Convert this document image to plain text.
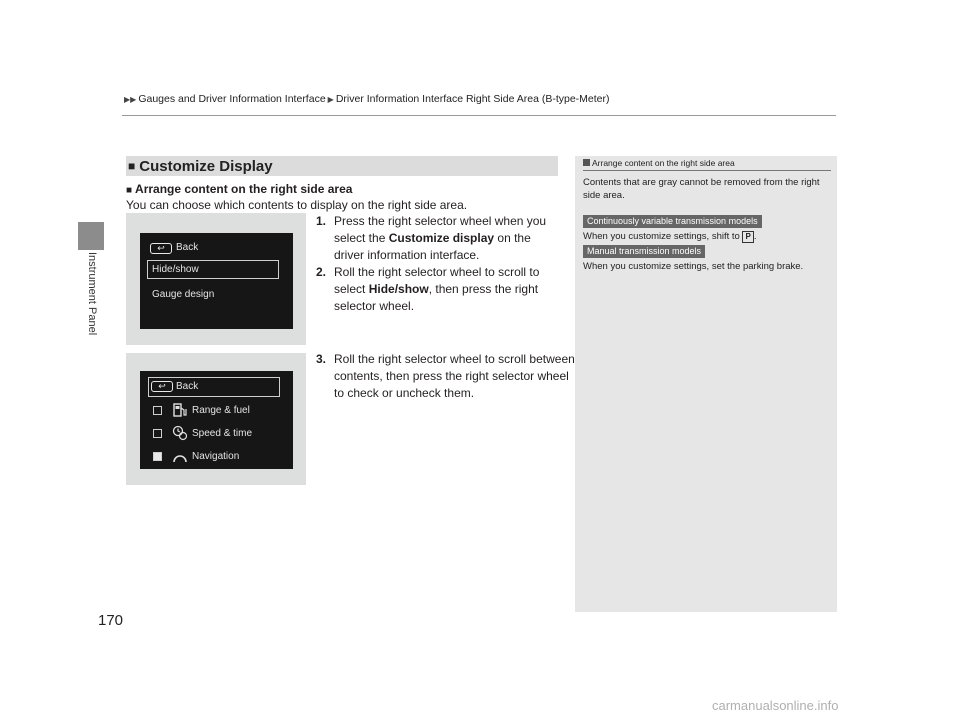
Instrument Panel
▶▶ Gauges and Driver Information Interface ▶ Driver Information Interface Right Side Area (B-type-Meter)
■ Customize Display
■ Arrange content on the right side area
You can choose which contents to display on the right side area.
↩	Back
Hide/show
Gauge design
↩	Back
Range & fuel
Speed & time
Navigation

1. Press the right selector wheel when you select the Customize display on the driver information interface.

2. Roll the right selector wheel to scroll to select Hide/show, then press the right selector wheel.

3. Roll the right selector wheel to scroll between contents, then press the right selector wheel to check or uncheck them.

Arrange content on the right side area
Contents that are gray cannot be removed from the right side area.
Continuously variable transmission models
When you customize settings, shift to P .
Manual transmission models
When you customize settings, set the parking brake.
170
carmanualsonline.info
